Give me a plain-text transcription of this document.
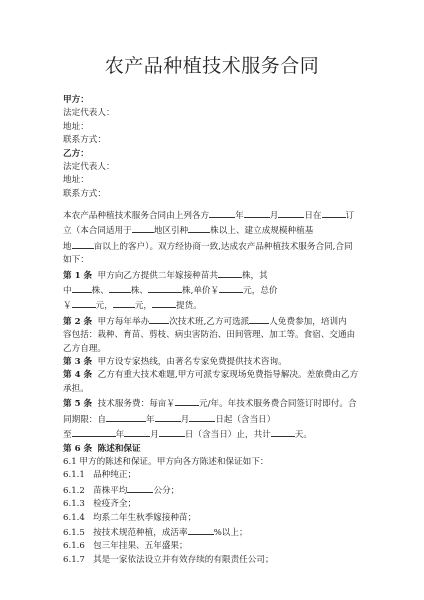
农产品种植技术服务合同
甲方：
法定代表人：
地址：
联系方式：
乙方：
法定代表人：
地址：
联系方式：
本农产品种植技术服务合同由上列各方	年	月	日在	订
立（本合同适用于	地区引种	株以上、建立成规模种植基
地	亩以上的客户）。双方经协商一致,达成农产品种植技术服务合同,合同
如下：
第 1 条 甲方向乙方提供二年嫁接种苗共	株，其
中 株、	株、	株,单价￥	元，总价
￥	元，	元，	提货。
第 2 条 甲方每年举办 次技术班,乙方可选派 人免费参加，培训内
容包括：栽种、育苗、剪枝、病虫害防治、田间管理、加工等。食宿、交通由
乙方自理。
第 3 条 甲方设专家热线，由著名专家免费提供技术咨询。
第 4 条 乙方有重大技术难题,甲方可派专家现场免费指导解决。差旅费由乙方
承担。
第 5 条 技术服务费：每亩￥	元/年。年技术服务费合同签订时即付。合
同期限：自	年	月	日起（含当日）
至	年	月	日（含当日）止，共计	天。
第 6 条 陈述和保证
6.1 甲方的陈述和保证。甲方向各方陈述和保证如下：
6.1.1 品种纯正；
6.1.2 苗株平均	公分；
6.1.3 检疫齐全；
6.1.4 均系二年生秋季嫁接种苗；
6.1.5 按技术规范种植，成活率	%以上；
6.1.6 包三年挂果、五年盛果；
6.1.7 其是一家依法设立并有效存续的有限责任公司；
